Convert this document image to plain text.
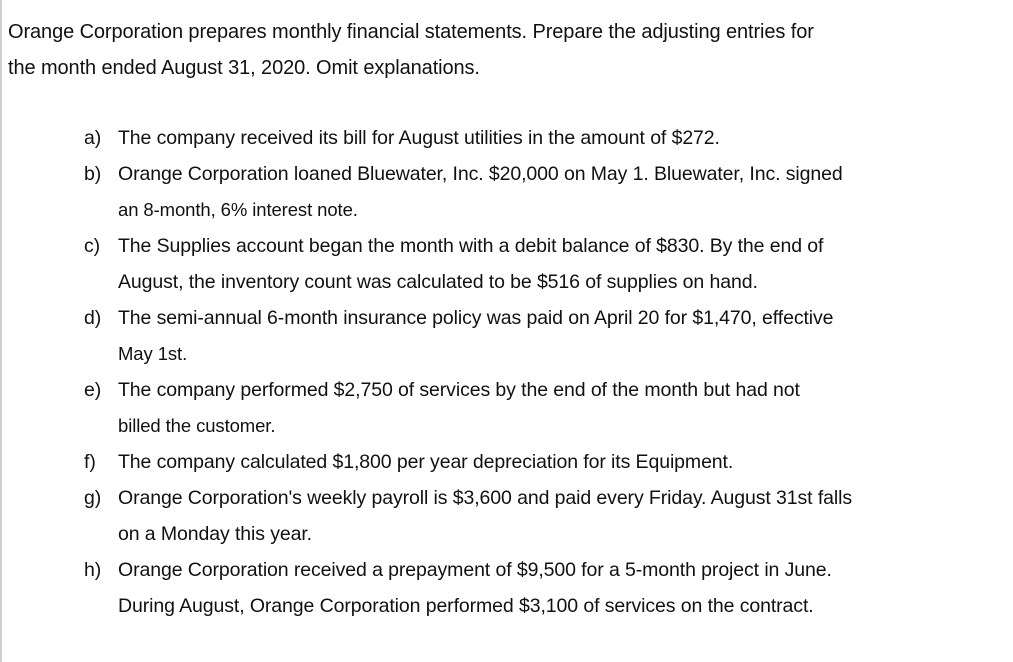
Orange Corporation prepares monthly financial statements. Prepare the adjusting entries for
the month ended August 31, 2020. Omit explanations.
a) The company received its bill for August utilities in the amount of $272.
b) Orange Corporation loaned Bluewater, Inc. $20,000 on May 1. Bluewater, Inc. signed
an 8-month, 6% interest note.
c) The Supplies account began the month with a debit balance of $830. By the end of
August, the inventory count was calculated to be $516 of supplies on hand.
d) The semi-annual 6-month insurance policy was paid on April 20 for $1,470, effective
May 1st.
e) The company performed $2,750 of services by the end of the month but had not
billed the customer.
f) The company calculated $1,800 per year depreciation for its Equipment.
g) Orange Corporation's weekly payroll is $3,600 and paid every Friday. August 31st falls
on a Monday this year.
h) Orange Corporation received a prepayment of $9,500 for a 5-month project in June.
During August, Orange Corporation performed $3,100 of services on the contract.
